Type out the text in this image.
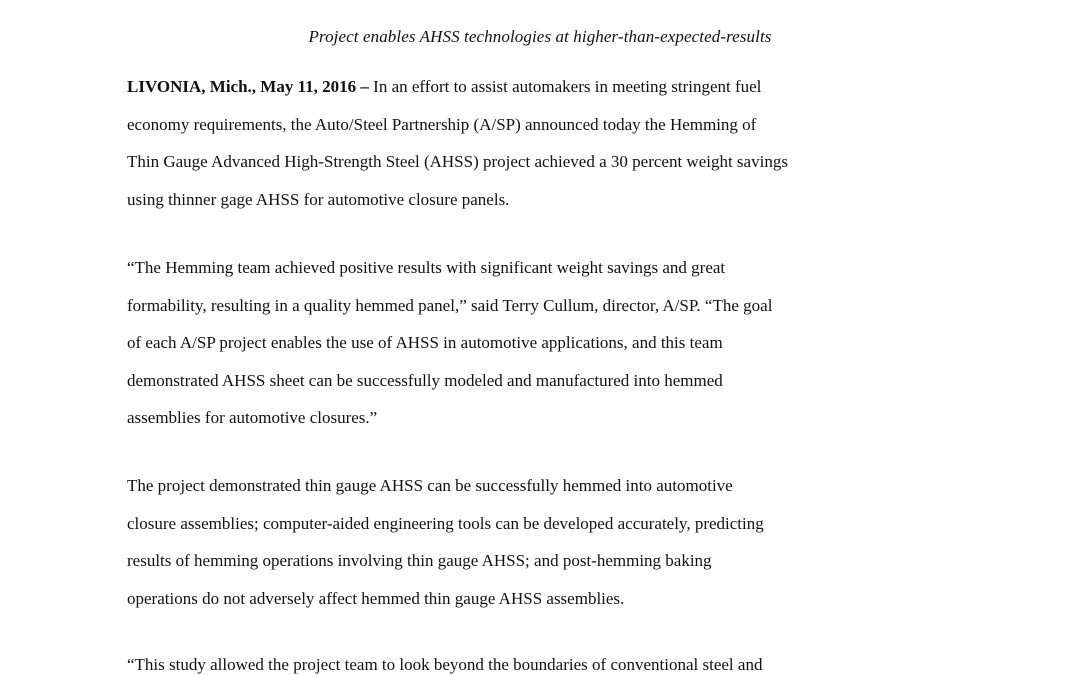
Project enables AHSS technologies at higher-than-expected-results

LIVONIA, Mich., May 11, 2016 – In an effort to assist automakers in meeting stringent fuel
economy requirements, the Auto/Steel Partnership (A/SP) announced today the Hemming of
Thin Gauge Advanced High-Strength Steel (AHSS) project achieved a 30 percent weight savings
using thinner gage AHSS for automotive closure panels.

“The Hemming team achieved positive results with significant weight savings and great
formability, resulting in a quality hemmed panel,” said Terry Cullum, director, A/SP. “The goal
of each A/SP project enables the use of AHSS in automotive applications, and this team
demonstrated AHSS sheet can be successfully modeled and manufactured into hemmed
assemblies for automotive closures.”

The project demonstrated thin gauge AHSS can be successfully hemmed into automotive
closure assemblies; computer-aided engineering tools can be developed accurately, predicting
results of hemming operations involving thin gauge AHSS; and post-hemming baking
operations do not adversely affect hemmed thin gauge AHSS assemblies.

“This study allowed the project team to look beyond the boundaries of conventional steel and
